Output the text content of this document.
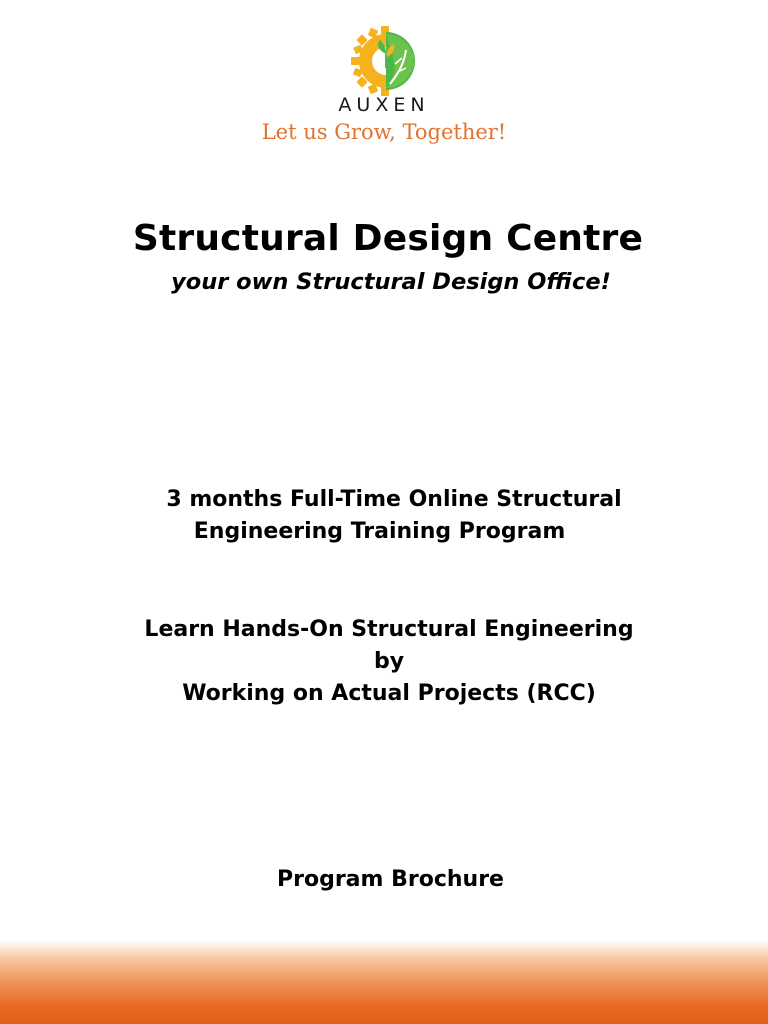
AUXEN
Let us Grow, Together!
Structural Design Centre
your own Structural Design Office!
3 months Full-Time Online Structural
Engineering Training Program
Learn Hands-On Structural Engineering
by
Working on Actual Projects (RCC)
Program Brochure
